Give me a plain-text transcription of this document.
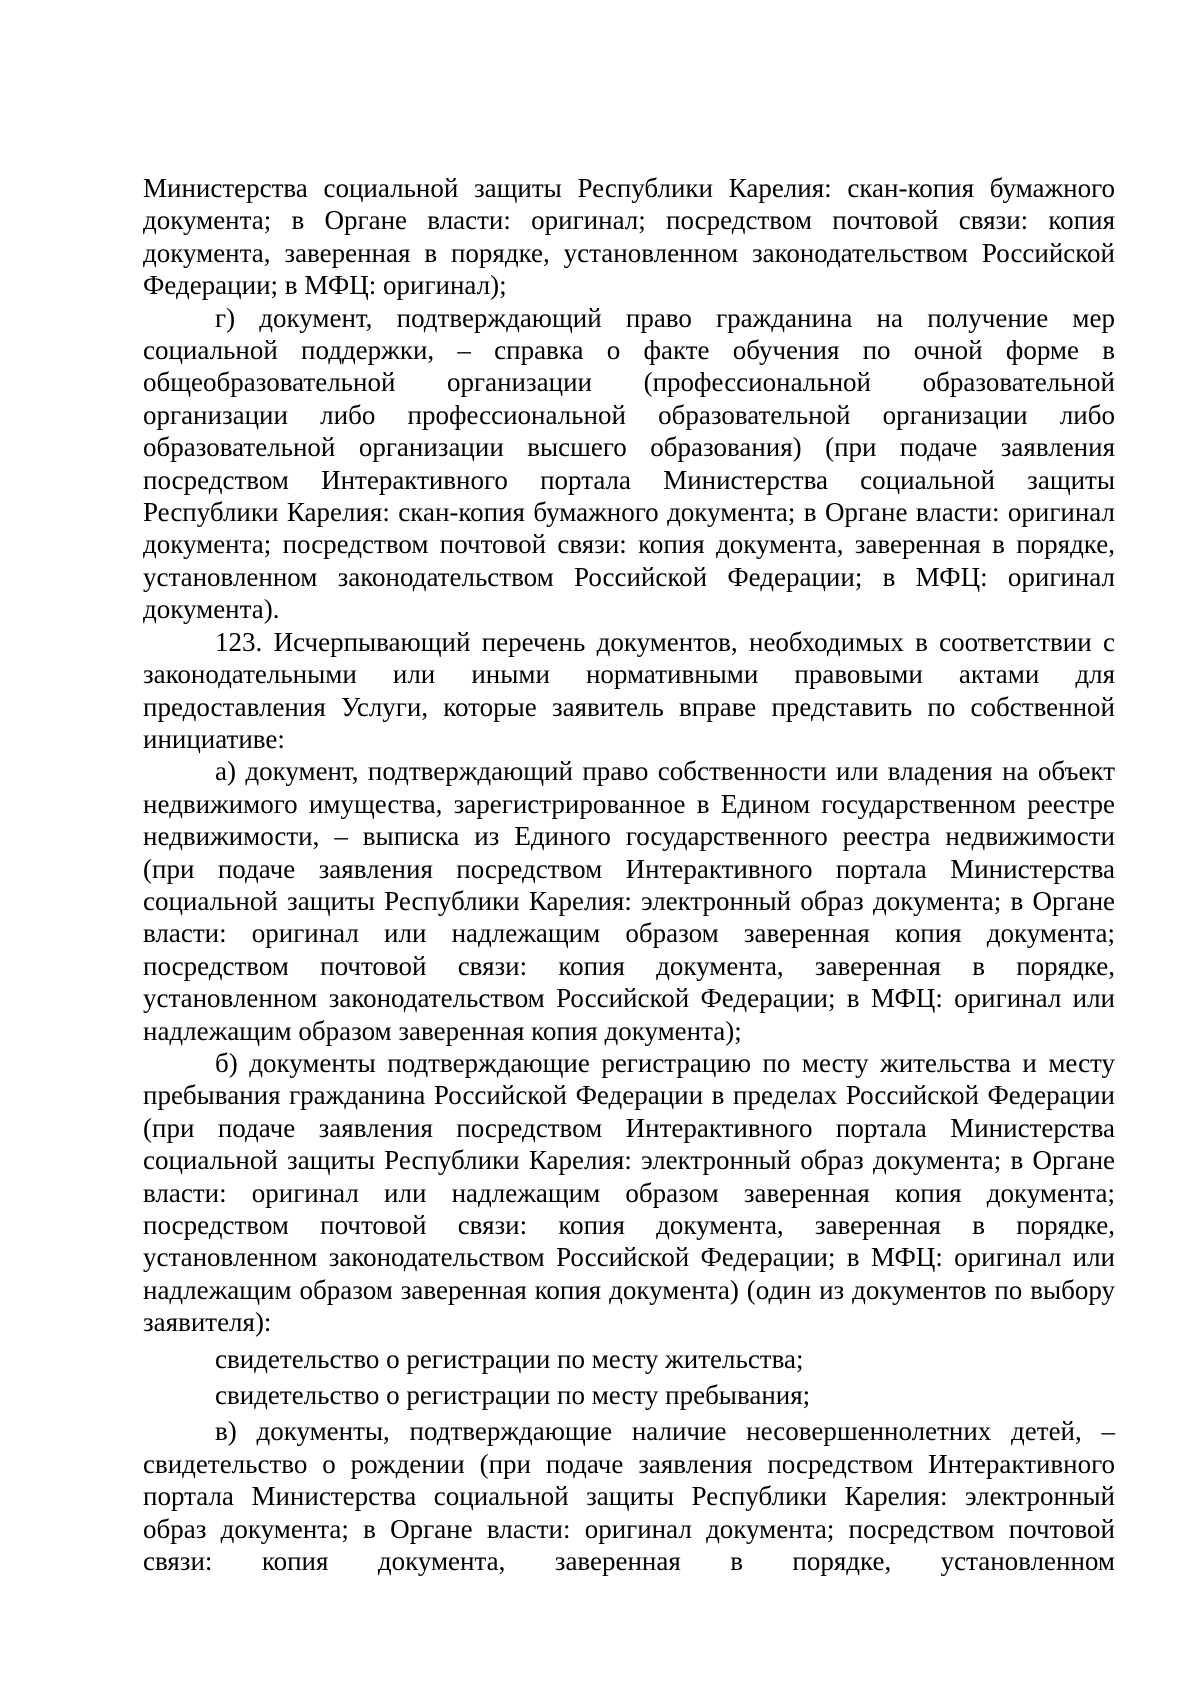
Министерства социальной защиты Республики Карелия: скан-копия бумажного документа; в Органе власти: оригинал; посредством почтовой связи: копия документа, заверенная в порядке, установленном законодательством Российской Федерации; в МФЦ: оригинал);

г) документ, подтверждающий право гражданина на получение мер социальной поддержки, – справка о факте обучения по очной форме в общеобразовательной организации (профессиональной образовательной организации либо профессиональной образовательной организации либо образовательной организации высшего образования) (при подаче заявления посредством Интерактивного портала Министерства социальной защиты Республики Карелия: скан-копия бумажного документа; в Органе власти: оригинал документа; посредством почтовой связи: копия документа, заверенная в порядке, установленном законодательством Российской Федерации; в МФЦ: оригинал документа).

123. Исчерпывающий перечень документов, необходимых в соответствии с законодательными или иными нормативными правовыми актами для предоставления Услуги, которые заявитель вправе представить по собственной инициативе:

а) документ, подтверждающий право собственности или владения на объект недвижимого имущества, зарегистрированное в Едином государственном реестре недвижимости, – выписка из Единого государственного реестра недвижимости (при подаче заявления посредством Интерактивного портала Министерства социальной защиты Республики Карелия: электронный образ документа; в Органе власти: оригинал или надлежащим образом заверенная копия документа; посредством почтовой связи: копия документа, заверенная в порядке, установленном законодательством Российской Федерации; в МФЦ: оригинал или надлежащим образом заверенная копия документа);

б) документы подтверждающие регистрацию по месту жительства и месту пребывания гражданина Российской Федерации в пределах Российской Федерации (при подаче заявления посредством Интерактивного портала Министерства социальной защиты Республики Карелия: электронный образ документа; в Органе власти: оригинал или надлежащим образом заверенная копия документа; посредством почтовой связи: копия документа, заверенная в порядке, установленном законодательством Российской Федерации; в МФЦ: оригинал или надлежащим образом заверенная копия документа) (один из документов по выбору заявителя):

свидетельство о регистрации по месту жительства;

свидетельство о регистрации по месту пребывания;

в) документы, подтверждающие наличие несовершеннолетних детей, – свидетельство о рождении (при подаче заявления посредством Интерактивного портала Министерства социальной защиты Республики Карелия: электронный образ документа; в Органе власти: оригинал документа; посредством почтовой связи: копия документа, заверенная в порядке, установленном
